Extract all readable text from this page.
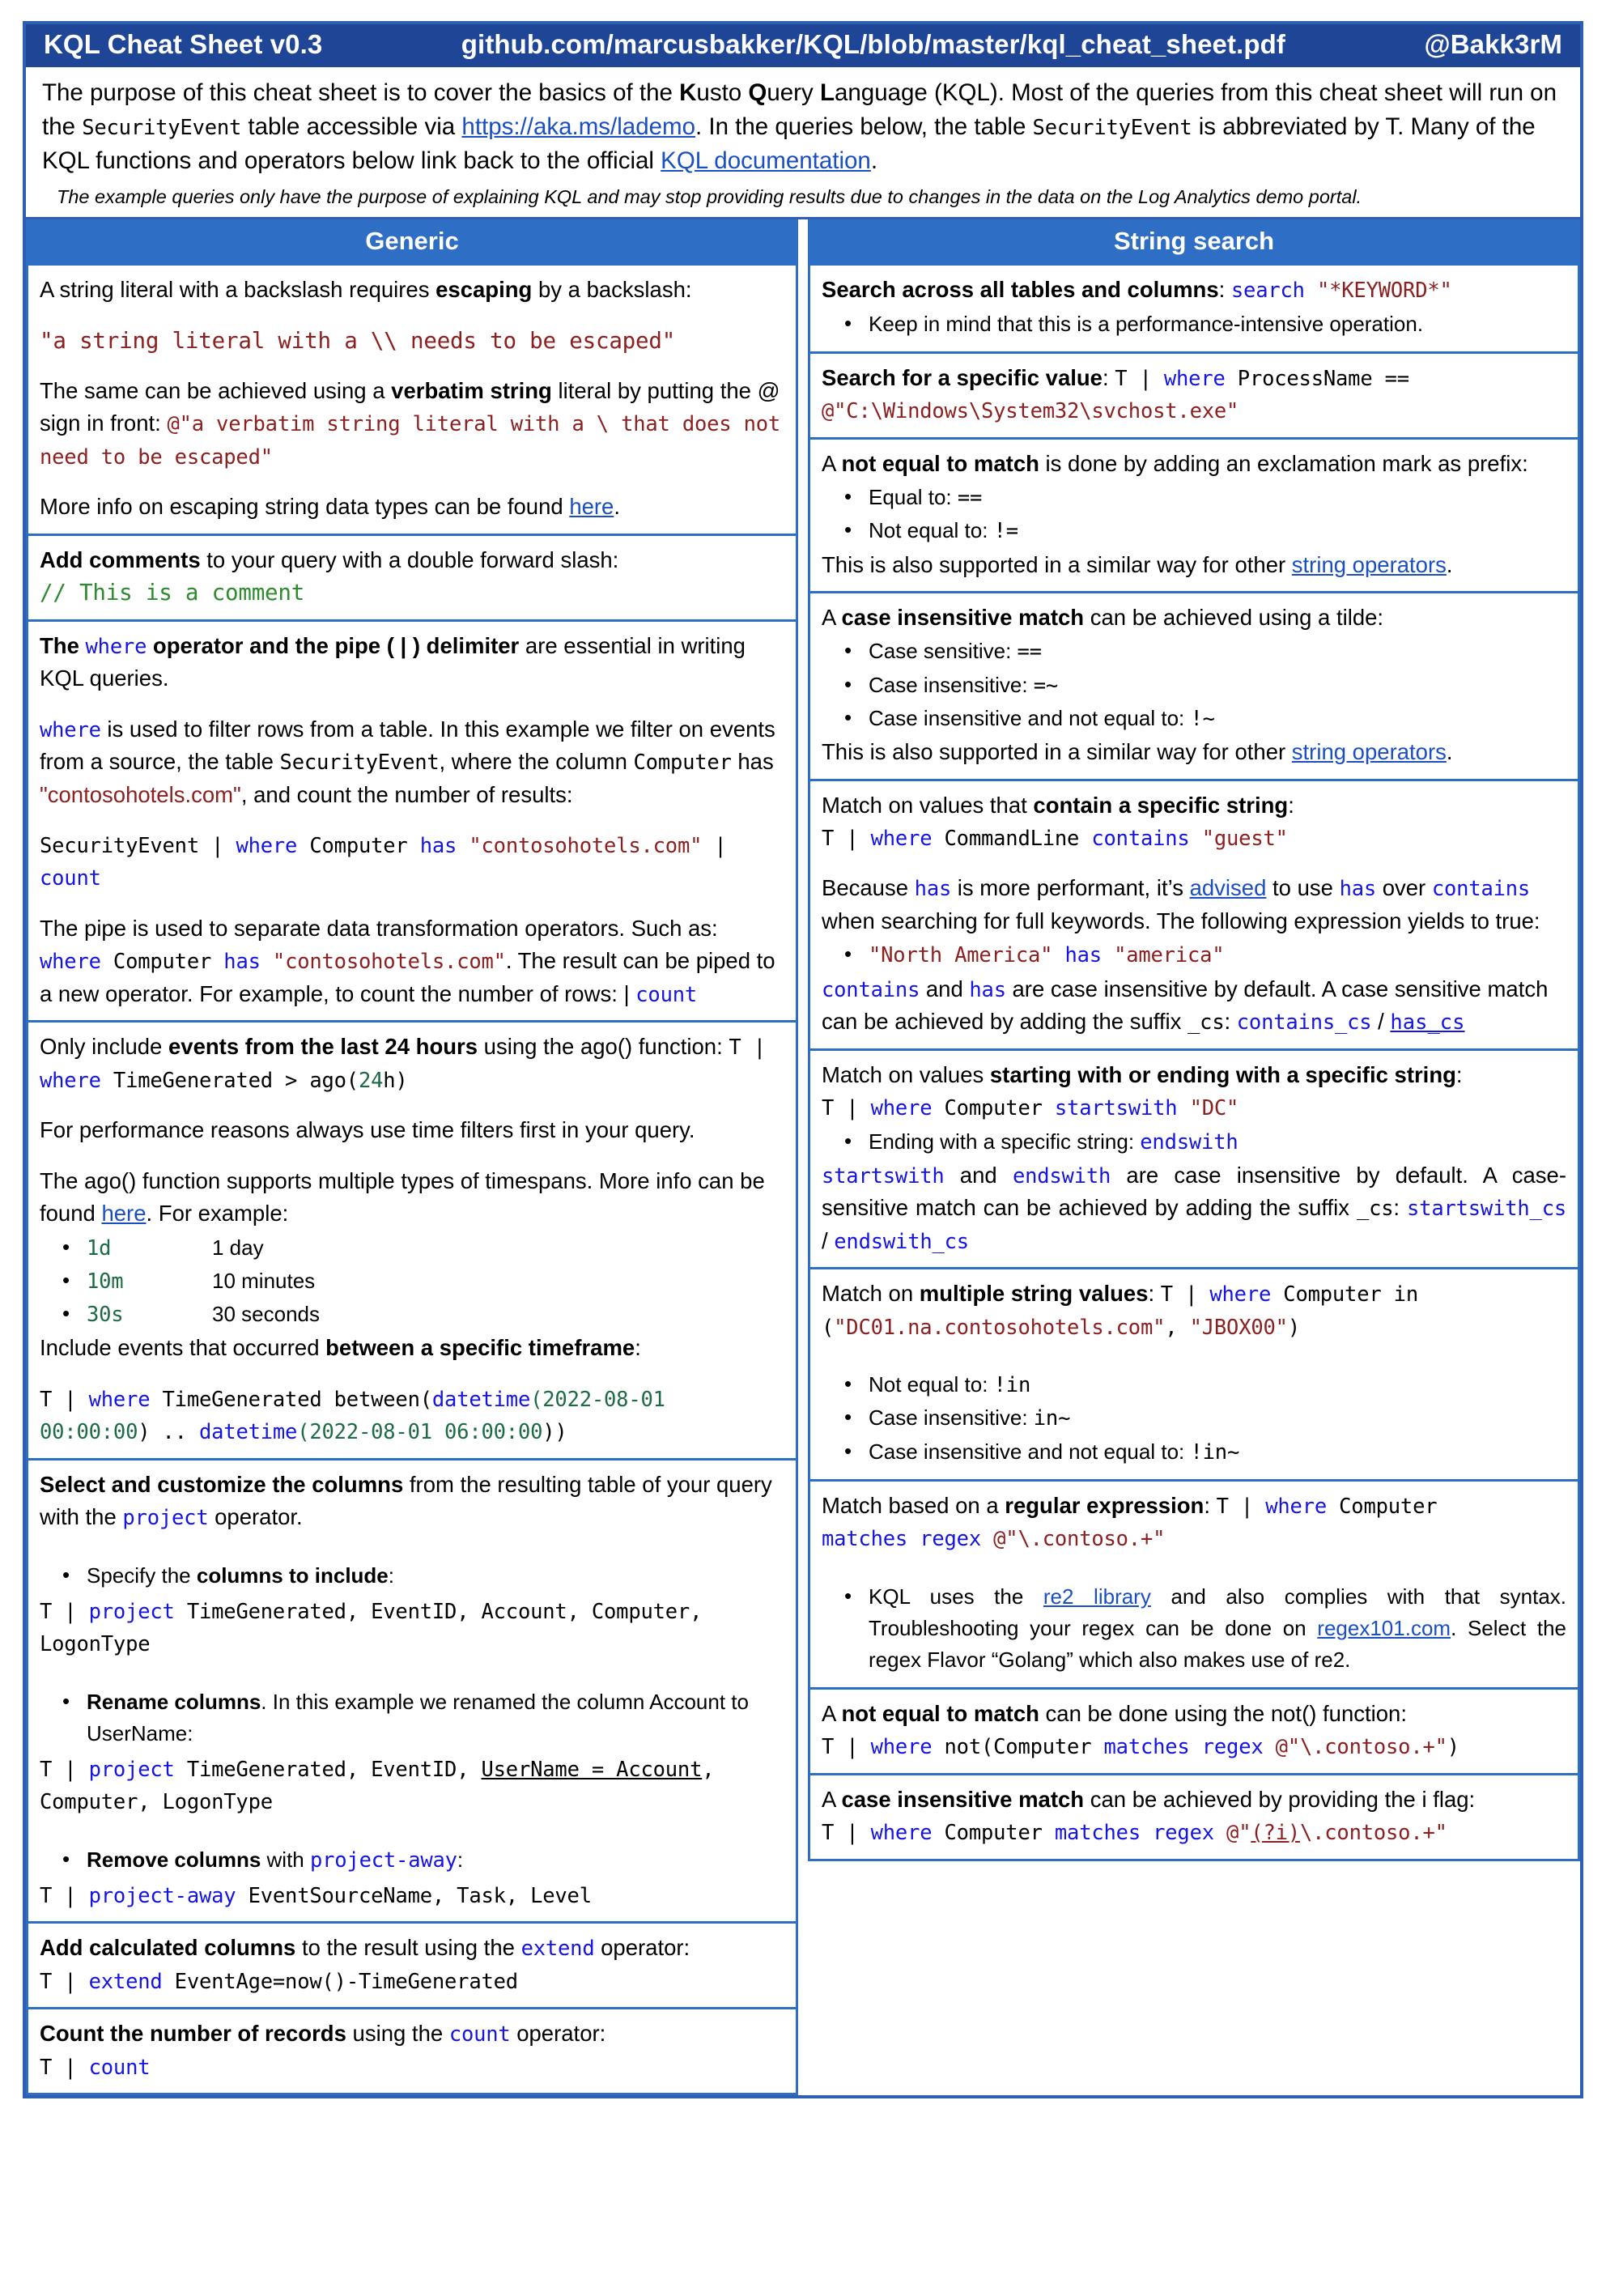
KQL Cheat Sheet v0.3	github.com/marcusbakker/KQL/blob/master/kql_cheat_sheet.pdf	@Bakk3rM

The purpose of this cheat sheet is to cover the basics of the Kusto Query Language (KQL). Most of the queries from this cheat sheet will run on the SecurityEvent table accessible via https://aka.ms/lademo. In the queries below, the table SecurityEvent is abbreviated by T. Many of the KQL functions and operators below link back to the official KQL documentation.

The example queries only have the purpose of explaining KQL and may stop providing results due to changes in the data on the Log Analytics demo portal.

Generic

A string literal with a backslash requires escaping by a backslash:

"a string literal with a \\ needs to be escaped"

The same can be achieved using a verbatim string literal by putting the @ sign in front: @"a verbatim string literal with a \ that does not need to be escaped"

More info on escaping string data types can be found here.

Add comments to your query with a double forward slash:

// This is a comment

The where operator and the pipe ( | ) delimiter are essential in writing KQL queries.

where is used to filter rows from a table. In this example we filter on events from a source, the table SecurityEvent, where the column Computer has "contosohotels.com", and count the number of results:

SecurityEvent | where Computer has "contosohotels.com" | count

The pipe is used to separate data transformation operators. Such as: where Computer has "contosohotels.com". The result can be piped to a new operator. For example, to count the number of rows: | count

Only include events from the last 24 hours using the ago() function: T | where TimeGenerated > ago(24h)

For performance reasons always use time filters first in your query.

The ago() function supports multiple types of timespans. More info can be found here. For example:

• 1d	1 day
• 10m	10 minutes
• 30s	30 seconds

Include events that occurred between a specific timeframe:

T | where TimeGenerated between(datetime(2022-08-01 00:00:00) .. datetime(2022-08-01 06:00:00))

Select and customize the columns from the resulting table of your query with the project operator.

• Specify the columns to include:

T | project TimeGenerated, EventID, Account, Computer, LogonType

• Rename columns. In this example we renamed the column Account to UserName:

T | project TimeGenerated, EventID, UserName = Account, Computer, LogonType

• Remove columns with project-away:

T | project-away EventSourceName, Task, Level

Add calculated columns to the result using the extend operator:

T | extend EventAge=now()-TimeGenerated

Count the number of records using the count operator:

T | count

String search

Search across all tables and columns: search "*KEYWORD*"

• Keep in mind that this is a performance-intensive operation.

Search for a specific value: T | where ProcessName == @"C:\Windows\System32\svchost.exe"

A not equal to match is done by adding an exclamation mark as prefix:

• Equal to: ==
• Not equal to: !=

This is also supported in a similar way for other string operators.

A case insensitive match can be achieved using a tilde:

• Case sensitive: ==
• Case insensitive: =~
• Case insensitive and not equal to: !~

This is also supported in a similar way for other string operators.

Match on values that contain a specific string:

T | where CommandLine contains "guest"

Because has is more performant, it’s advised to use has over contains when searching for full keywords. The following expression yields to true:

• "North America" has "america"

contains and has are case insensitive by default. A case sensitive match can be achieved by adding the suffix _cs: contains_cs / has_cs

Match on values starting with or ending with a specific string:

T | where Computer startswith "DC"

• Ending with a specific string: endswith

startswith and endswith are case insensitive by default. A case-sensitive match can be achieved by adding the suffix _cs: startswith_cs / endswith_cs

Match on multiple string values: T | where Computer in

("DC01.na.contosohotels.com", "JBOX00")

• Not equal to: !in
• Case insensitive: in~
• Case insensitive and not equal to: !in~

Match based on a regular expression: T | where Computer

matches regex @"\.contoso.+"

• KQL uses the re2 library and also complies with that syntax. Troubleshooting your regex can be done on regex101.com. Select the regex Flavor “Golang” which also makes use of re2.

A not equal to match can be done using the not() function:

T | where not(Computer matches regex @"\.contoso.+")

A case insensitive match can be achieved by providing the i flag:

T | where Computer matches regex @"(?i)\.contoso.+"
